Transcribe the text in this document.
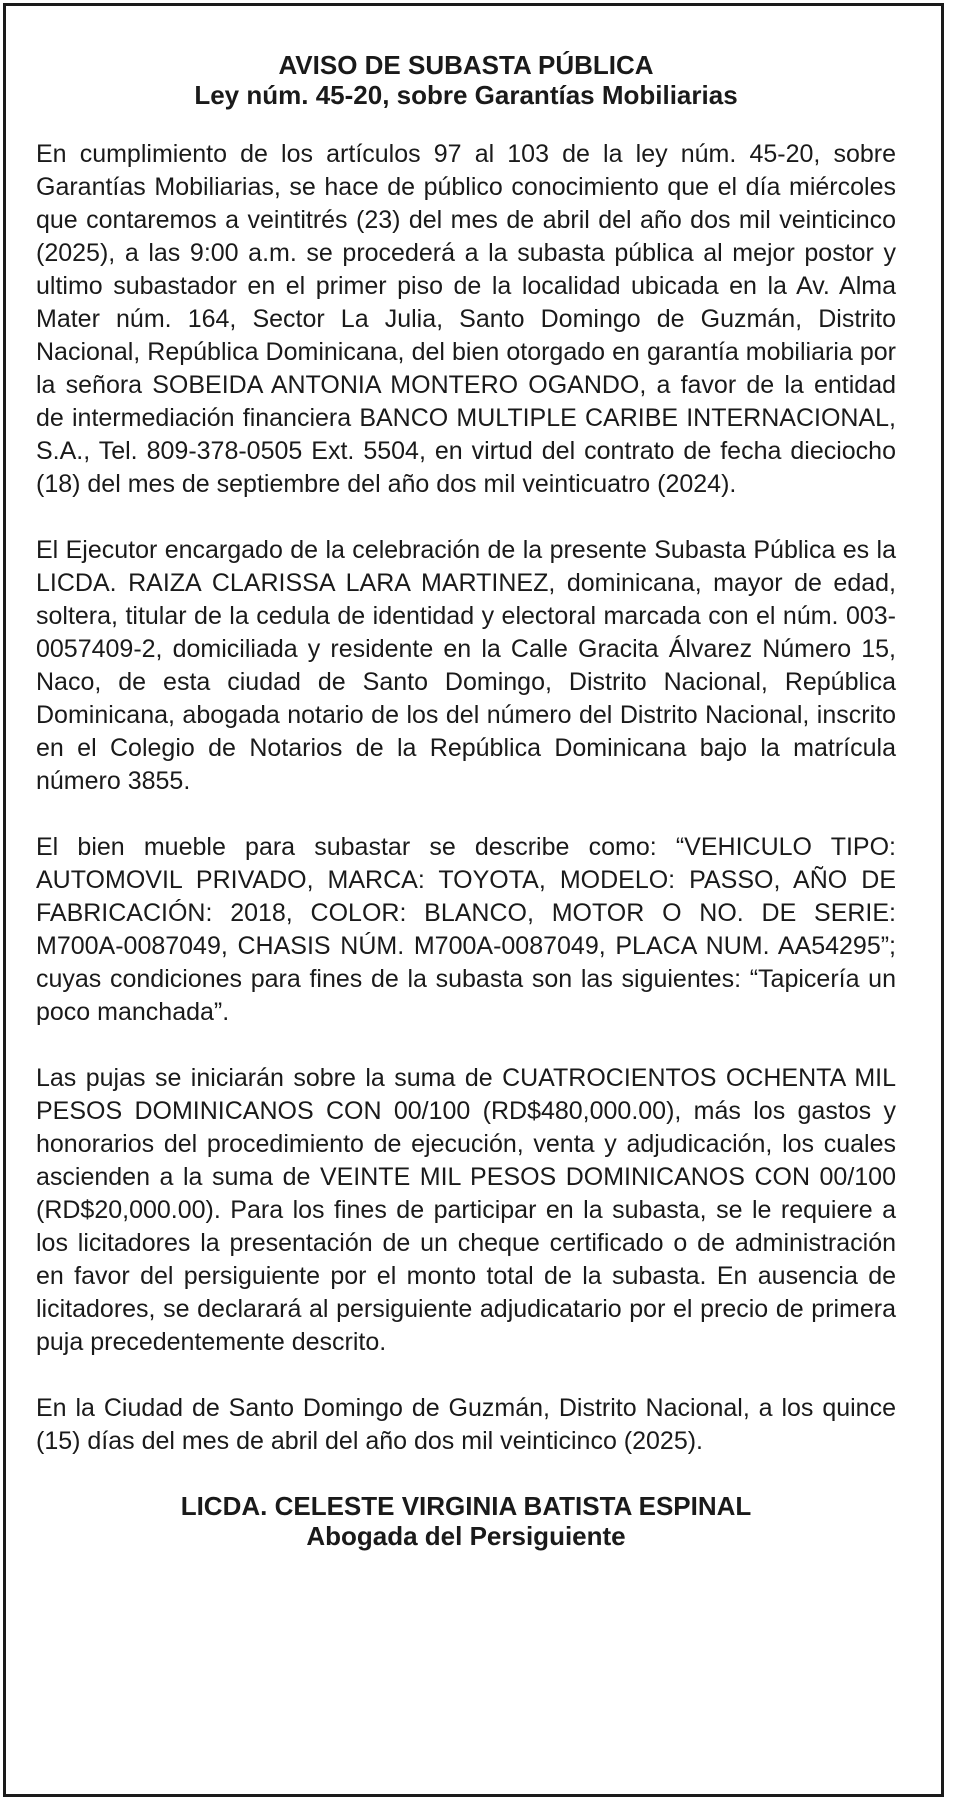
AVISO DE SUBASTA PÚBLICA
Ley núm. 45-20, sobre Garantías Mobiliarias

En cumplimiento de los artículos 97 al 103 de la ley núm. 45-20, sobre Garantías Mobiliarias, se hace de público conocimiento que el día miércoles que contaremos a veintitrés (23) del mes de abril del año dos mil veinticinco (2025), a las 9:00 a.m. se procederá a la subasta pública al mejor postor y ultimo subastador en el primer piso de la localidad ubicada en la Av. Alma Mater núm. 164, Sector La Julia, Santo Domingo de Guzmán, Distrito Nacional, República Dominicana, del bien otorgado en garantía mobiliaria por la señora SOBEIDA ANTONIA MONTERO OGANDO, a favor de la entidad de intermediación financiera BANCO MULTIPLE CARIBE INTERNACIONAL, S.A., Tel. 809-378-0505 Ext. 5504, en virtud del contrato de fecha dieciocho (18) del mes de septiembre del año dos mil veinticuatro (2024).

El Ejecutor encargado de la celebración de la presente Subasta Pública es la LICDA. RAIZA CLARISSA LARA MARTINEZ, dominicana, mayor de edad, soltera, titular de la cedula de identidad y electoral marcada con el núm. 003-0057409-2, domiciliada y residente en la Calle Gracita Álvarez Número 15, Naco, de esta ciudad de Santo Domingo, Distrito Nacional, República Dominicana, abogada notario de los del número del Distrito Nacional, inscrito en el Colegio de Notarios de la República Dominicana bajo la matrícula número 3855.

El bien mueble para subastar se describe como: “VEHICULO TIPO: AUTOMOVIL PRIVADO, MARCA: TOYOTA, MODELO: PASSO, AÑO DE FABRICACIÓN: 2018, COLOR: BLANCO, MOTOR O NO. DE SERIE: M700A-0087049, CHASIS NÚM. M700A-0087049, PLACA NUM. AA54295”; cuyas condiciones para fines de la subasta son las siguientes: “Tapicería un poco manchada”.

Las pujas se iniciarán sobre la suma de CUATROCIENTOS OCHENTA MIL PESOS DOMINICANOS CON 00/100 (RD$480,000.00), más los gastos y honorarios del procedimiento de ejecución, venta y adjudicación, los cuales ascienden a la suma de VEINTE MIL PESOS DOMINICANOS CON 00/100 (RD$20,000.00). Para los fines de participar en la subasta, se le requiere a los licitadores la presentación de un cheque certificado o de administración en favor del persiguiente por el monto total de la subasta. En ausencia de licitadores, se declarará al persiguiente adjudicatario por el precio de primera puja precedentemente descrito.

En la Ciudad de Santo Domingo de Guzmán, Distrito Nacional, a los quince (15) días del mes de abril del año dos mil veinticinco (2025).

LICDA. CELESTE VIRGINIA BATISTA ESPINAL
Abogada del Persiguiente
